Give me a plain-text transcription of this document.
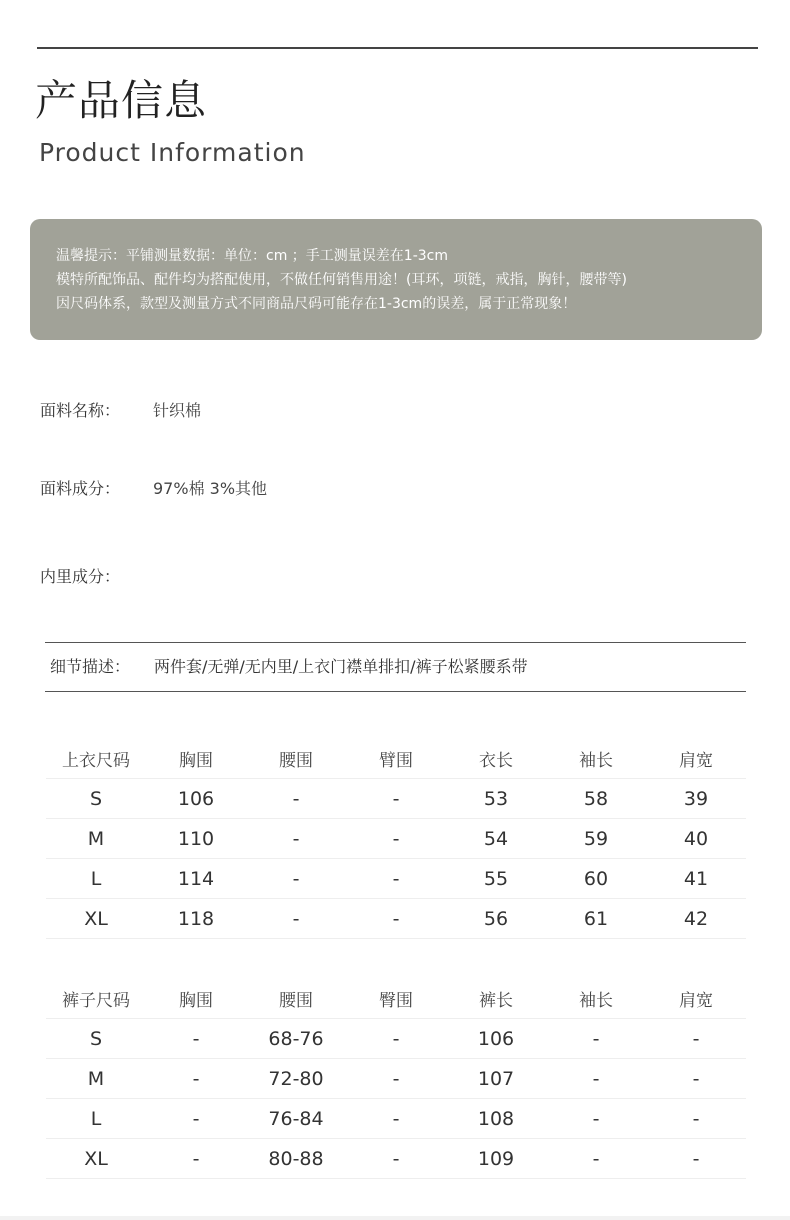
产品信息
Product Information
温馨提示：平铺测量数据：单位：cm ；手工测量误差在1-3cm
模特所配饰品、配件均为搭配使用，不做任何销售用途！(耳环，项链，戒指，胸针，腰带等)
因尺码体系，款型及测量方式不同商品尺码可能存在1-3cm的误差，属于正常现象！
面料名称： 针织棉
面料成分： 97%棉 3%其他
内里成分：
细节描述： 两件套/无弹/无内里/上衣门襟单排扣/裤子松紧腰系带
上衣尺码	胸围	腰围	臂围	衣长	袖长	肩宽
S	106	-	-	53	58	39
M	110	-	-	54	59	40
L	114	-	-	55	60	41
XL	118	-	-	56	61	42
裤子尺码	胸围	腰围	臀围	裤长	袖长	肩宽
S	-	68-76	-	106	-	-
M	-	72-80	-	107	-	-
L	-	76-84	-	108	-	-
XL	-	80-88	-	109	-	-
